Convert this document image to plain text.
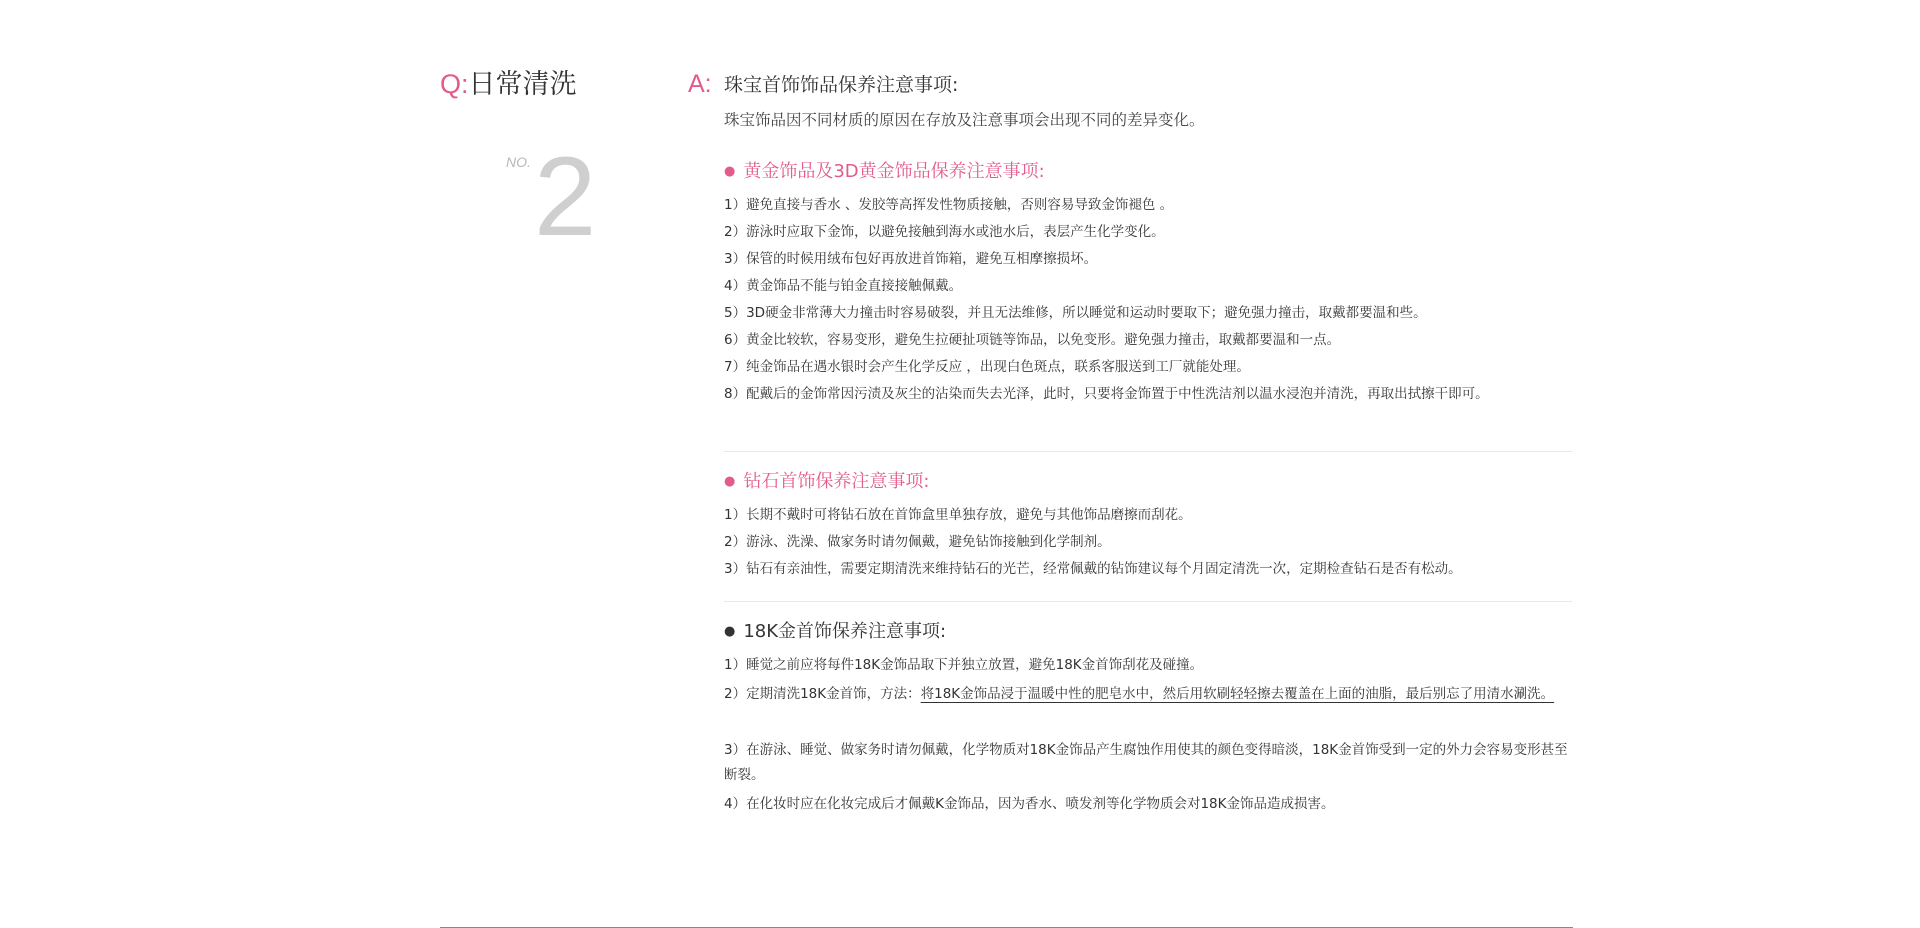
Q:日常清洗
NO. 2
A: 珠宝首饰饰品保养注意事项:
珠宝饰品因不同材质的原因在存放及注意事项会出现不同的差异变化。
● 黄金饰品及3D黄金饰品保养注意事项:
1）避免直接与香水 、发胶等高挥发性物质接触，否则容易导致金饰褪色 。
2）游泳时应取下金饰，以避免接触到海水或池水后，表层产生化学变化。
3）保管的时候用绒布包好再放进首饰箱，避免互相摩擦损坏。
4）黄金饰品不能与铂金直接接触佩戴。
5）3D硬金非常薄大力撞击时容易破裂，并且无法维修，所以睡觉和运动时要取下；避免强力撞击，取戴都要温和些。
6）黄金比较软，容易变形，避免生拉硬扯项链等饰品，以免变形。避免强力撞击，取戴都要温和一点。
7）纯金饰品在遇水银时会产生化学反应 ，出现白色斑点，联系客服送到工厂就能处理。
8）配戴后的金饰常因污渍及灰尘的沾染而失去光泽，此时，只要将金饰置于中性洗洁剂以温水浸泡并清洗，再取出拭擦干即可。
● 钻石首饰保养注意事项:
1）长期不戴时可将钻石放在首饰盒里单独存放，避免与其他饰品磨擦而刮花。
2）游泳、洗澡、做家务时请勿佩戴，避免钻饰接触到化学制剂。
3）钻石有亲油性，需要定期清洗来维持钻石的光芒，经常佩戴的钻饰建议每个月固定清洗一次，定期检查钻石是否有松动。
● 18K金首饰保养注意事项:
1）睡觉之前应将每件18K金饰品取下并独立放置，避免18K金首饰刮花及碰撞。
2）定期清洗18K金首饰，方法：将18K金饰品浸于温暖中性的肥皂水中，然后用软刷轻轻擦去覆盖在上面的油脂，最后别忘了用清水涮洗。
3）在游泳、睡觉、做家务时请勿佩戴，化学物质对18K金饰品产生腐蚀作用使其的颜色变得暗淡，18K金首饰受到一定的外力会容易变形甚至断裂。
4）在化妆时应在化妆完成后才佩戴K金饰品，因为香水、喷发剂等化学物质会对18K金饰品造成损害。
